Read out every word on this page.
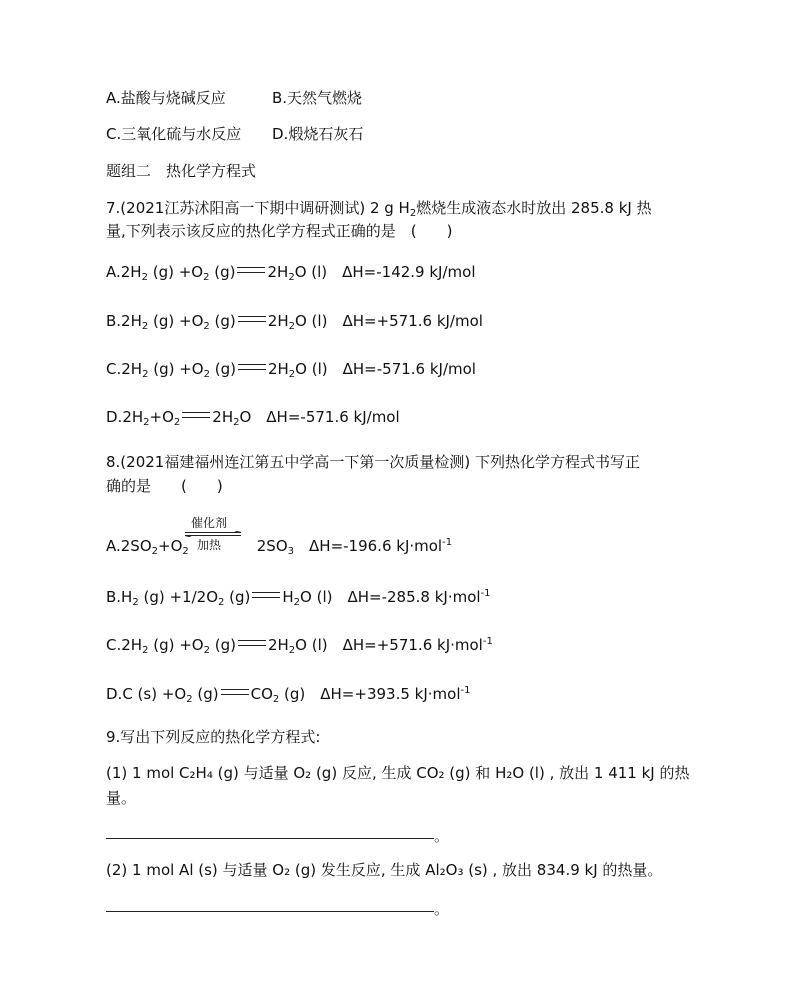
A.盐酸与烧碱反应	B.天然气燃烧
C.三氧化硫与水反应 D.煅烧石灰石
题组二　热化学方程式
7.(2021江苏沭阳高一下期中调研测试) 2 g $H_2$燃烧生成液态水时放出 285.8 kJ 热
量,下列表示该反应的热化学方程式正确的是　(　　)
$A.2H_2$ $(g) +O_2$ (g) $2H_2O$ (l)　ΔH=-142.9 kJ/mol
$B.2H_2$ $(g) +O_2$ (g) $2H_2O$ (l)　ΔH=+571.6 kJ/mol
$C.2H_2$ $(g) +O_2$ (g) $2H_2O$ (l)　ΔH=-571.6 kJ/mol
$D.2H_2+O_2$ $2H_2O$　ΔH=-571.6 kJ/mol
8.(2021福建福州连江第五中学高一下第一次质量检测) 下列热化学方程式书写正
确的是　　(　　)
$A.2SO_2+O_2$	$2SO_3$　 ΔH=-196.6 kJ·mol$^{-1}$
催化剂
加热
$B.H_2$ $(g) +1/2O_2$ (g) $H_2O$ (l)　ΔH=-285.8 kJ·mol$^{-1}$
$C.2H_2$ $(g) +O_2$ (g) $2H_2O$ (l)　ΔH=+571.6 kJ·mol$^{-1}$
D.C $(s) +O_2$ (g) $CO_2$ (g)　ΔH=+393.5 kJ·mol$^{-1}$
9.写出下列反应的热化学方程式:
(1) 1 mol C₂H₄ (g) 与适量 O₂ (g) 反应, 生成 CO₂ (g) 和 H₂O (l) , 放出 1 411 kJ 的热
量。
。
(2) 1 mol Al (s) 与适量 O₂ (g) 发生反应, 生成 Al₂O₃ (s) , 放出 834.9 kJ 的热量。
。
